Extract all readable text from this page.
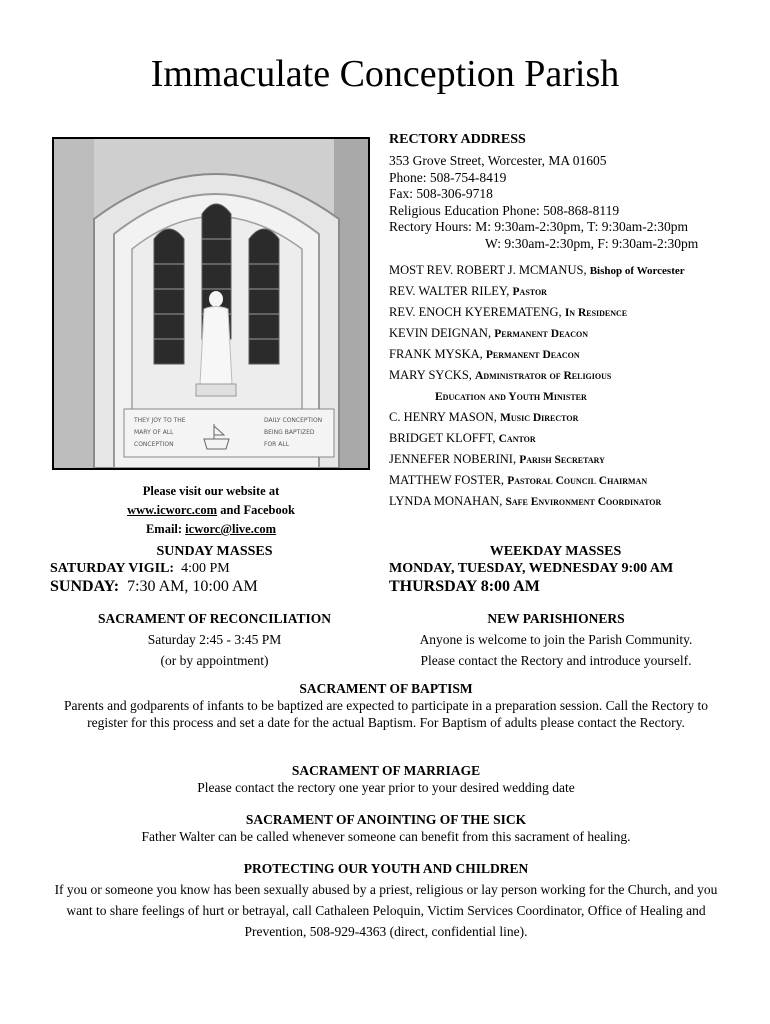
Immaculate Conception Parish
THEY JOY TO THE
MARY OF ALL
CONCEPTION
DAILY CONCEPTION
BEING BAPTIZED
FOR ALL
Please visit our website at
www.icworc.com and Facebook
Email: icworc@live.com
RECTORY ADDRESS
353 Grove Street, Worcester, MA 01605
Phone: 508-754-8419
Fax: 508-306-9718
Religious Education Phone: 508-868-8119
Rectory Hours: M: 9:30am-2:30pm, T: 9:30am-2:30pm
W: 9:30am-2:30pm, F: 9:30am-2:30pm
MOST REV. ROBERT J. MCMANUS, Bishop of Worcester
REV. WALTER RILEY, Pastor
REV. ENOCH KYEREMATENG, In Residence
KEVIN DEIGNAN, Permanent Deacon
FRANK MYSKA, Permanent Deacon
MARY SYCKS, Administrator of Religious
Education and Youth Minister
C. HENRY MASON, Music Director
BRIDGET KLOFFT, Cantor
JENNEFER NOBERINI, Parish Secretary
MATTHEW FOSTER, Pastoral Council Chairman
LYNDA MONAHAN, Safe Environment Coordinator
SUNDAY MASSES
SATURDAY VIGIL:  4:00 PM
SUNDAY:  7:30 AM, 10:00 AM
WEEKDAY MASSES
MONDAY, TUESDAY, WEDNESDAY 9:00 AM
THURSDAY 8:00 AM
SACRAMENT OF RECONCILIATION
Saturday 2:45 - 3:45 PM
(or by appointment)
NEW PARISHIONERS
Anyone is welcome to join the Parish Community.
Please contact the Rectory and introduce yourself.
SACRAMENT OF BAPTISM
Parents and godparents of infants to be baptized are expected to participate in a preparation session. Call the Rectory to register for this process and set a date for the actual Baptism. For Baptism of adults please contact the Rectory.
SACRAMENT OF MARRIAGE
Please contact the rectory one year prior to your desired wedding date
SACRAMENT OF ANOINTING OF THE SICK
Father Walter can be called whenever someone can benefit from this sacrament of healing.
PROTECTING OUR YOUTH AND CHILDREN
If you or someone you know has been sexually abused by a priest, religious or lay person working for the Church, and you want to share feelings of hurt or betrayal, call Cathaleen Peloquin, Victim Services Coordinator, Office of Healing and Prevention, 508-929-4363 (direct, confidential line).
